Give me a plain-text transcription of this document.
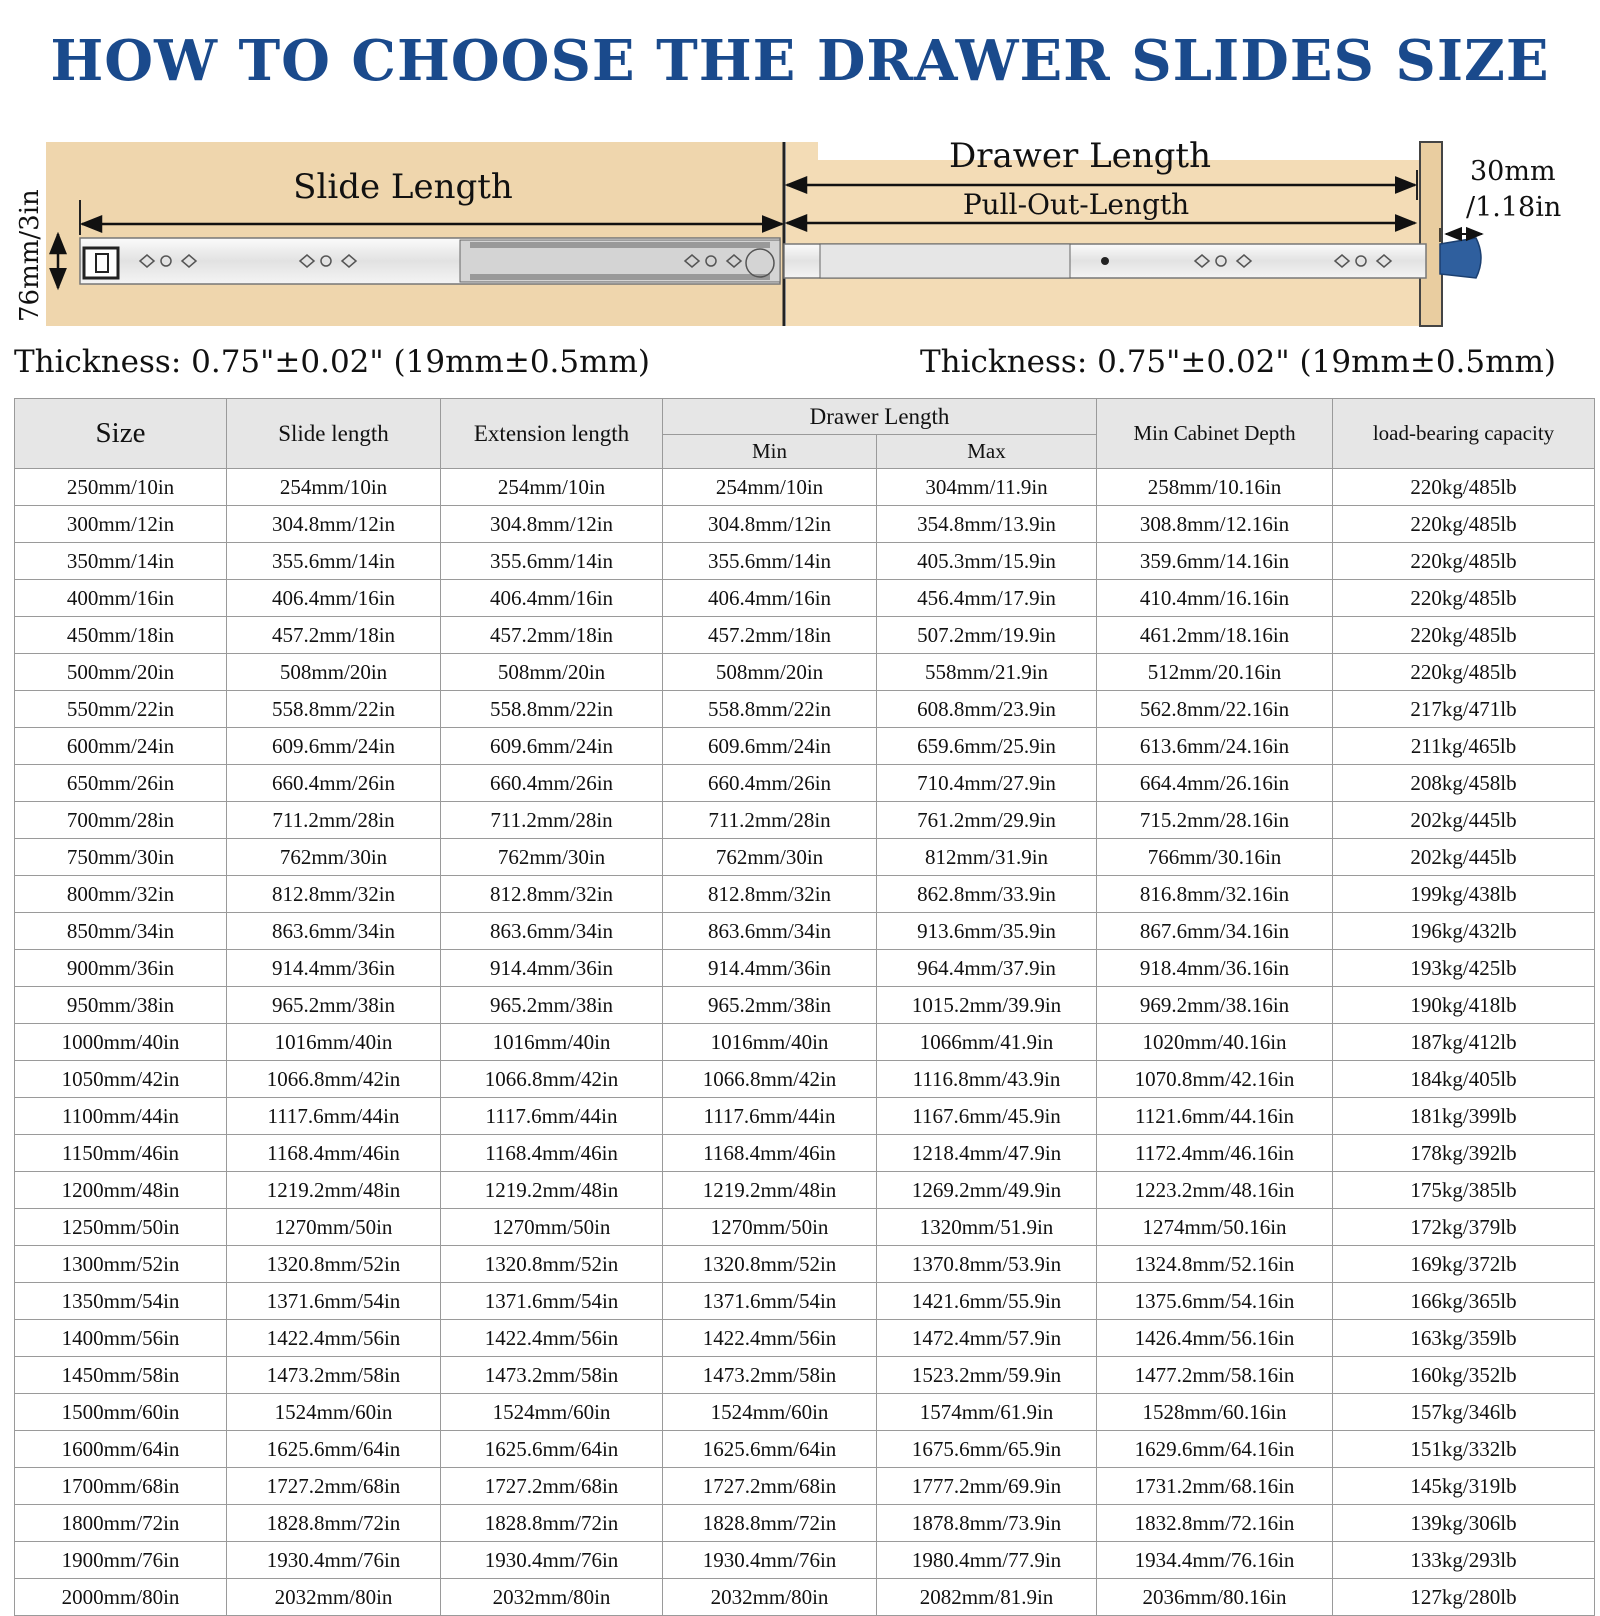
HOW TO CHOOSE THE DRAWER SLIDES SIZE
Slide Length
Drawer Length
Pull-Out-Length
76mm/3in
30mm
/1.18in
Thickness: 0.75"±0.02" (19mm±0.5mm)	Thickness: 0.75"±0.02" (19mm±0.5mm)
Size	Slide length	Extension length	Drawer Length		Min Cabinet Depth	load-bearing capacity
			Min	Max		
250mm/10in	254mm/10in	254mm/10in	254mm/10in	304mm/11.9in	258mm/10.16in	220kg/485lb
300mm/12in	304.8mm/12in	304.8mm/12in	304.8mm/12in	354.8mm/13.9in	308.8mm/12.16in	220kg/485lb
350mm/14in	355.6mm/14in	355.6mm/14in	355.6mm/14in	405.3mm/15.9in	359.6mm/14.16in	220kg/485lb
400mm/16in	406.4mm/16in	406.4mm/16in	406.4mm/16in	456.4mm/17.9in	410.4mm/16.16in	220kg/485lb
450mm/18in	457.2mm/18in	457.2mm/18in	457.2mm/18in	507.2mm/19.9in	461.2mm/18.16in	220kg/485lb
500mm/20in	508mm/20in	508mm/20in	508mm/20in	558mm/21.9in	512mm/20.16in	220kg/485lb
550mm/22in	558.8mm/22in	558.8mm/22in	558.8mm/22in	608.8mm/23.9in	562.8mm/22.16in	217kg/471lb
600mm/24in	609.6mm/24in	609.6mm/24in	609.6mm/24in	659.6mm/25.9in	613.6mm/24.16in	211kg/465lb
650mm/26in	660.4mm/26in	660.4mm/26in	660.4mm/26in	710.4mm/27.9in	664.4mm/26.16in	208kg/458lb
700mm/28in	711.2mm/28in	711.2mm/28in	711.2mm/28in	761.2mm/29.9in	715.2mm/28.16in	202kg/445lb
750mm/30in	762mm/30in	762mm/30in	762mm/30in	812mm/31.9in	766mm/30.16in	202kg/445lb
800mm/32in	812.8mm/32in	812.8mm/32in	812.8mm/32in	862.8mm/33.9in	816.8mm/32.16in	199kg/438lb
850mm/34in	863.6mm/34in	863.6mm/34in	863.6mm/34in	913.6mm/35.9in	867.6mm/34.16in	196kg/432lb
900mm/36in	914.4mm/36in	914.4mm/36in	914.4mm/36in	964.4mm/37.9in	918.4mm/36.16in	193kg/425lb
950mm/38in	965.2mm/38in	965.2mm/38in	965.2mm/38in	1015.2mm/39.9in	969.2mm/38.16in	190kg/418lb
1000mm/40in	1016mm/40in	1016mm/40in	1016mm/40in	1066mm/41.9in	1020mm/40.16in	187kg/412lb
1050mm/42in	1066.8mm/42in	1066.8mm/42in	1066.8mm/42in	1116.8mm/43.9in	1070.8mm/42.16in	184kg/405lb
1100mm/44in	1117.6mm/44in	1117.6mm/44in	1117.6mm/44in	1167.6mm/45.9in	1121.6mm/44.16in	181kg/399lb
1150mm/46in	1168.4mm/46in	1168.4mm/46in	1168.4mm/46in	1218.4mm/47.9in	1172.4mm/46.16in	178kg/392lb
1200mm/48in	1219.2mm/48in	1219.2mm/48in	1219.2mm/48in	1269.2mm/49.9in	1223.2mm/48.16in	175kg/385lb
1250mm/50in	1270mm/50in	1270mm/50in	1270mm/50in	1320mm/51.9in	1274mm/50.16in	172kg/379lb
1300mm/52in	1320.8mm/52in	1320.8mm/52in	1320.8mm/52in	1370.8mm/53.9in	1324.8mm/52.16in	169kg/372lb
1350mm/54in	1371.6mm/54in	1371.6mm/54in	1371.6mm/54in	1421.6mm/55.9in	1375.6mm/54.16in	166kg/365lb
1400mm/56in	1422.4mm/56in	1422.4mm/56in	1422.4mm/56in	1472.4mm/57.9in	1426.4mm/56.16in	163kg/359lb
1450mm/58in	1473.2mm/58in	1473.2mm/58in	1473.2mm/58in	1523.2mm/59.9in	1477.2mm/58.16in	160kg/352lb
1500mm/60in	1524mm/60in	1524mm/60in	1524mm/60in	1574mm/61.9in	1528mm/60.16in	157kg/346lb
1600mm/64in	1625.6mm/64in	1625.6mm/64in	1625.6mm/64in	1675.6mm/65.9in	1629.6mm/64.16in	151kg/332lb
1700mm/68in	1727.2mm/68in	1727.2mm/68in	1727.2mm/68in	1777.2mm/69.9in	1731.2mm/68.16in	145kg/319lb
1800mm/72in	1828.8mm/72in	1828.8mm/72in	1828.8mm/72in	1878.8mm/73.9in	1832.8mm/72.16in	139kg/306lb
1900mm/76in	1930.4mm/76in	1930.4mm/76in	1930.4mm/76in	1980.4mm/77.9in	1934.4mm/76.16in	133kg/293lb
2000mm/80in	2032mm/80in	2032mm/80in	2032mm/80in	2082mm/81.9in	2036mm/80.16in	127kg/280lb
